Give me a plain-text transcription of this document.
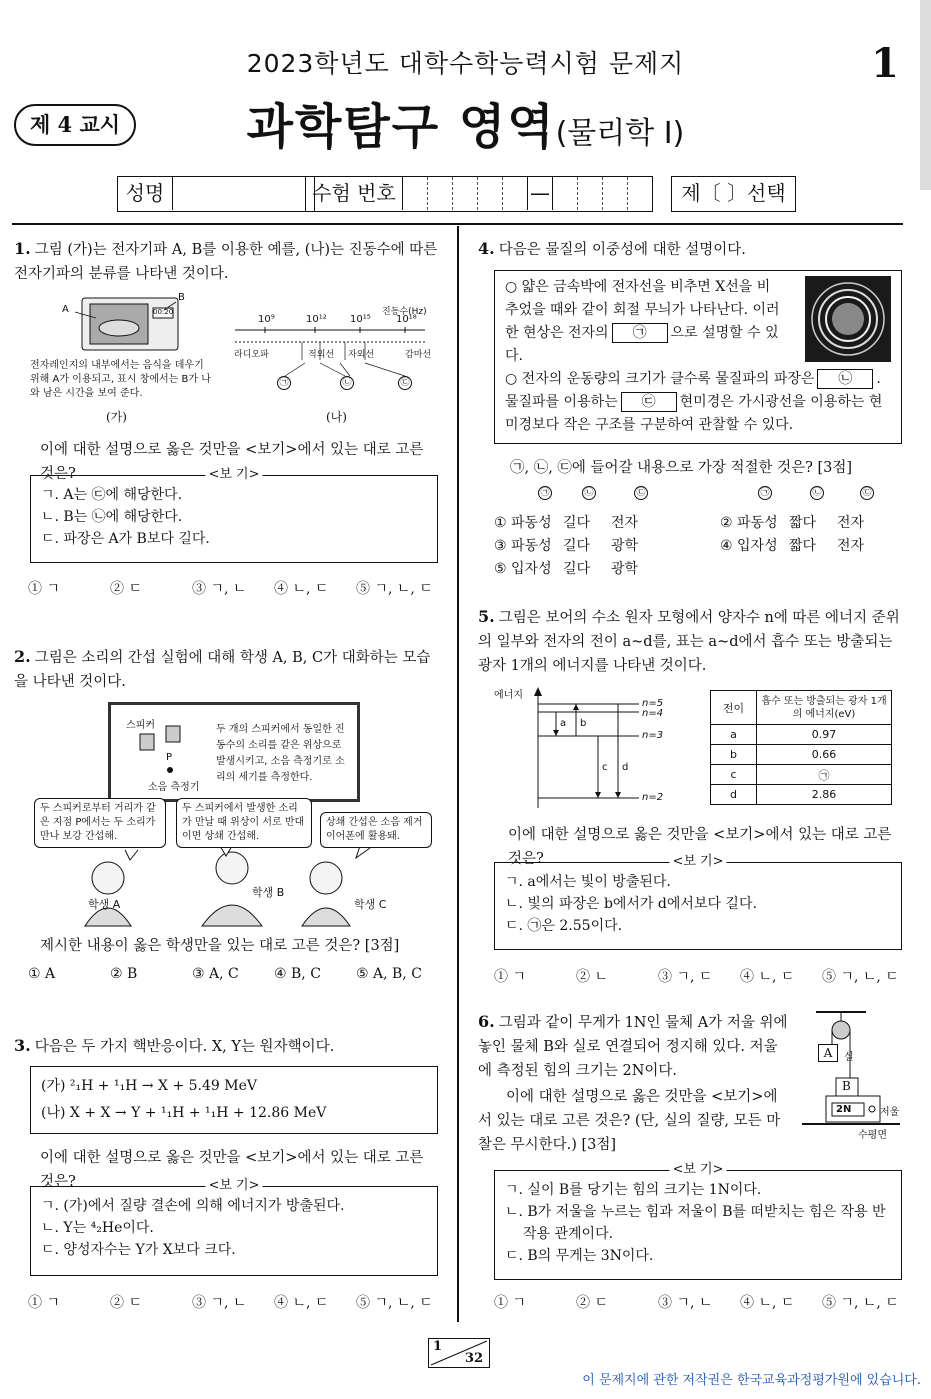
2023학년도 대학수학능력시험 문제지	1
제 4 교시	과학탐구 영역(물리학 I)
성명	수험 번호	—	제〔 〕선택
1. 그림 (가)는 전자기파 A, B를 이용한 예를, (나)는 진동수에 따른 전자기파의 분류를 나타낸 것이다.
A
B
00:20	진동수(Hz)
10⁹	10¹² 10¹⁵	10¹⁸
라디오파	적외선 자외선	감마선
㉠	㉡	㉢
전자레인지의 내부에서는 음식을 데우기 위해 A가 이용되고, 표시 창에서는 B가 나와 남은 시간을 보여 준다.
(가)	(나)
이에 대한 설명으로 옳은 것만을 <보기>에서 있는 대로 고른 것은?	<보 기>
ㄱ. A는 ㉢에 해당한다.
ㄴ. B는 ㉡에 해당한다.
ㄷ. 파장은 A가 B보다 길다.
① ㄱ	② ㄷ	③ ㄱ, ㄴ ④ ㄴ, ㄷ ⑤ ㄱ, ㄴ, ㄷ
2. 그림은 소리의 간섭 실험에 대해 학생 A, B, C가 대화하는 모습을 나타낸 것이다.
스피커
P
소음 측정기
두 개의 스피커에서 동일한 진동수의 소리를 같은 위상으로 발생시키고, 소음 측정기로 소리의 세기를 측정한다.
두 스피커로부터 거리가 같은 지점 P에서는 두 소리가 만나 보강 간섭해.
두 스피커에서 발생한 소리가 만날 때 위상이 서로 반대이면 상쇄 간섭해.
상쇄 간섭은 소음 제거 이어폰에 활용돼.
학생 A
학생 B
학생 C
제시한 내용이 옳은 학생만을 있는 대로 고른 것은? [3점]
① A	② B	③ A, C	④ B, C	⑤ A, B, C
3. 다음은 두 가지 핵반응이다. X, Y는 원자핵이다.
(가) ²₁H + ¹₁H → X + 5.49 MeV
(나) X + X → Y + ¹₁H + ¹₁H + 12.86 MeV
이에 대한 설명으로 옳은 것만을 <보기>에서 있는 대로 고른 것은?	<보 기>
ㄱ. (가)에서 질량 결손에 의해 에너지가 방출된다.
ㄴ. Y는 ⁴₂He이다.
ㄷ. 양성자수는 Y가 X보다 크다.
① ㄱ	② ㄷ	③ ㄱ, ㄴ ④ ㄴ, ㄷ ⑤ ㄱ, ㄴ, ㄷ
4. 다음은 물질의 이중성에 대한 설명이다.
○ 얇은 금속박에 전자선을 비추면 X선을 비추었을 때와 같이 회절 무늬가 나타난다. 이러한 현상은 전자의 ㉠ 으로 설명할 수 있다.
○ 전자의 운동량의 크기가 클수록 물질파의 파장은 ㉡ . 물질파를 이용하는 ㉢ 현미경은 가시광선을 이용하는 현미경보다 작은 구조를 구분하여 관찰할 수 있다.
㉠, ㉡, ㉢에 들어갈 내용으로 가장 적절한 것은? [3점]
㉠	㉡	㉢	㉠	㉡	㉢
① 파동성 길다 전자	② 파동성 짧다 전자
③ 파동성 길다 광학	④ 입자성 짧다 전자
⑤ 입자성 길다 광학
5. 그림은 보어의 수소 원자 모형에서 양자수 n에 따른 에너지 준위의 일부와 전자의 전이 a~d를, 표는 a~d에서 흡수 또는 방출되는 광자 1개의 에너지를 나타낸 것이다.
에너지
n=5
n=4
n=3
n=2
a b
c d
전이	흡수 또는 방출되는 광자 1개의 에너지(eV)
a	0.97
b	0.66
c	㉠
d	2.86
이에 대한 설명으로 옳은 것만을 <보기>에서 있는 대로 고른 것은?	<보 기>
ㄱ. a에서는 빛이 방출된다.
ㄴ. 빛의 파장은 b에서가 d에서보다 길다.
ㄷ. ㉠은 2.55이다.
① ㄱ	② ㄴ	③ ㄱ, ㄷ ④ ㄴ, ㄷ ⑤ ㄱ, ㄴ, ㄷ
6. 그림과 같이 무게가 1N인 물체 A가 저울 위에 놓인 물체 B와 실로 연결되어 정지해 있다. 저울에 측정된 힘의 크기는 2N이다.
이에 대한 설명으로 옳은 것만을 <보기>에서 있는 대로 고른 것은? (단, 실의 질량, 모든 마찰은 무시한다.) [3점]
A	실
B
2N	저울
수평면
<보 기>
ㄱ. 실이 B를 당기는 힘의 크기는 1N이다.
ㄴ. B가 저울을 누르는 힘과 저울이 B를 떠받치는 힘은 작용 반작용 관계이다.
ㄷ. B의 무게는 3N이다.
① ㄱ	② ㄷ	③ ㄱ, ㄴ ④ ㄴ, ㄷ ⑤ ㄱ, ㄴ, ㄷ
1
32
이 문제지에 관한 저작권은 한국교육과정평가원에 있습니다.
